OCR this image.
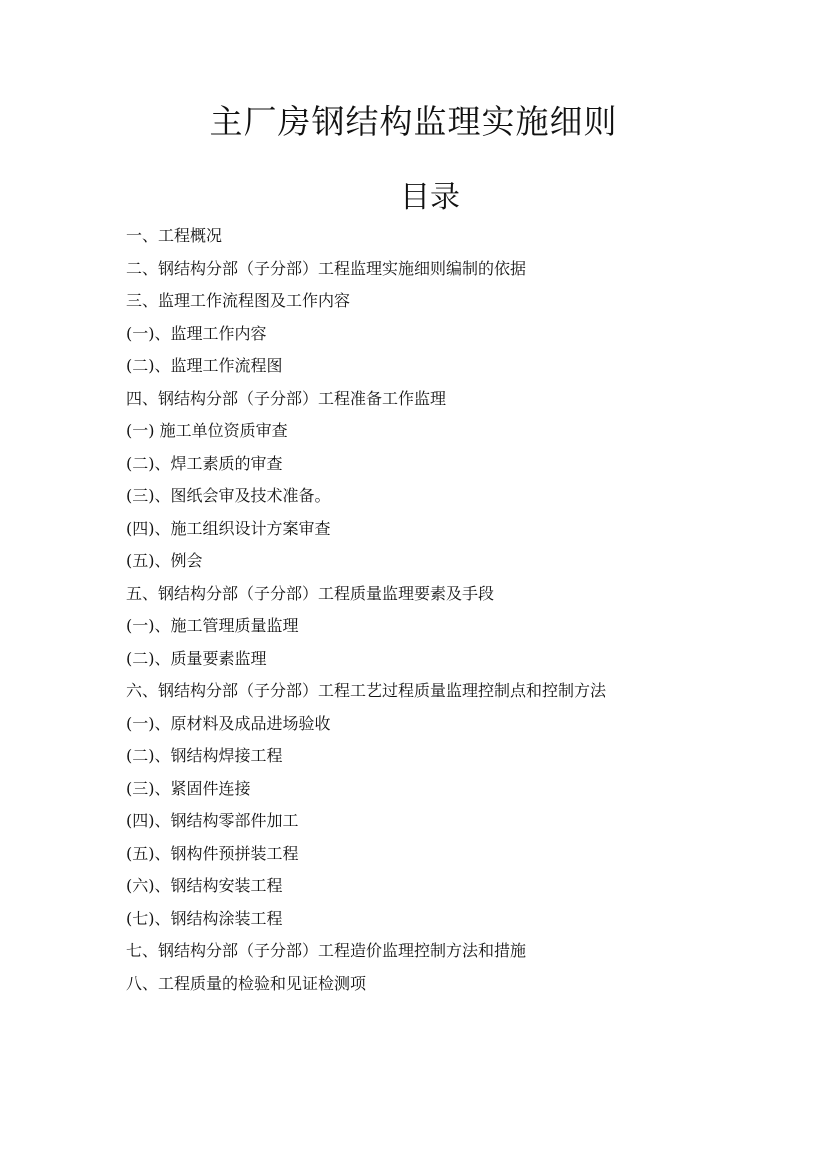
主厂房钢结构监理实施细则
目录
一、工程概况
二、钢结构分部（子分部）工程监理实施细则编制的依据
三、监理工作流程图及工作内容
(一)、监理工作内容
(二)、监理工作流程图
四、钢结构分部（子分部）工程准备工作监理
(一) 施工单位资质审查
(二)、焊工素质的审查
(三)、图纸会审及技术准备。
(四)、施工组织设计方案审查
(五)、例会
五、钢结构分部（子分部）工程质量监理要素及手段
(一)、施工管理质量监理
(二)、质量要素监理
六、钢结构分部（子分部）工程工艺过程质量监理控制点和控制方法
(一)、原材料及成品进场验收
(二)、钢结构焊接工程
(三)、紧固件连接
(四)、钢结构零部件加工
(五)、钢构件预拼装工程
(六)、钢结构安装工程
(七)、钢结构涂装工程
七、钢结构分部（子分部）工程造价监理控制方法和措施
八、工程质量的检验和见证检测项
